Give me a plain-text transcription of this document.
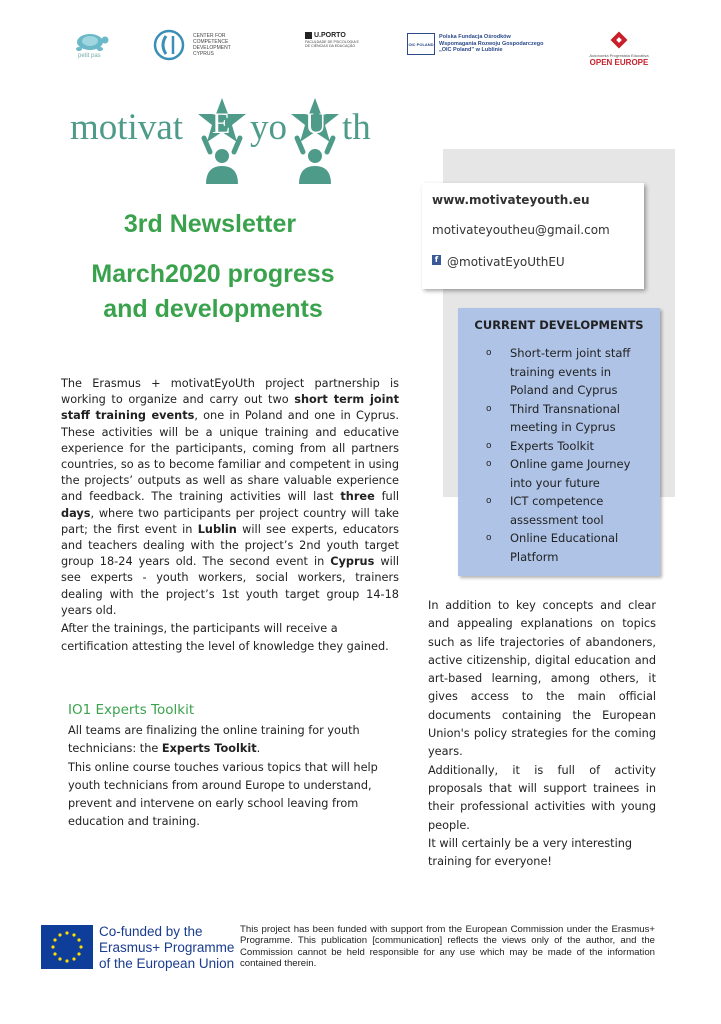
petit pas
CENTER FOR COMPETENCE DEVELOPMENT CYPRUS
U.PORTO
FACULDADE DE PSICOLOGIA E DE CIÊNCIAS DA EDUCAÇÃO	OIC POLAND
Polska Fundacja Ośrodków
Wspomagania Rozwoju Gospodarczego
„OIC Poland” w Lublinie
Autonomia Progresista Educativa
OPEN EUROPE
motivat E yo U th
3rd Newsletter
March2020 progress
and developments
www.motivateyouth.eu
motivateyoutheu@gmail.com
f @motivatEyoUthEU
CURRENT DEVELOPMENTS
o Short-term joint staff training events in Poland and Cyprus
o Third Transnational meeting in Cyprus
o Experts Toolkit
o Online game Journey into your future
o ICT competence assessment tool
o Online Educational Platform

The Erasmus + motivatEyoUth project partnership is working to organize and carry out two short term joint staff training events, one in Poland and one in Cyprus. These activities will be a unique training and educative experience for the participants, coming from all partners countries, so as to become familiar and competent in using the projects’ outputs as well as share valuable experience and feedback. The training activities will last three full days, where two participants per project country will take part; the first event in Lublin will see experts, educators and teachers dealing with the project’s 2nd youth target group 18-24 years old. The second event in Cyprus will see experts - youth workers, social workers, trainers dealing with the project’s 1st youth target group 14-18 years old.

After the trainings, the participants will receive a certification attesting the level of knowledge they gained.

IO1 Experts Toolkit

All teams are finalizing the online training for youth technicians: the Experts Toolkit.

This online course touches various topics that will help youth technicians from around Europe to understand, prevent and intervene on early school leaving from education and training.

In addition to key concepts and clear and appealing explanations on topics such as life trajectories of abandoners, active citizenship, digital education and art-based learning, among others, it gives access to the main official documents containing the European Union's policy strategies for the coming years.

Additionally, it is full of activity proposals that will support trainees in their professional activities with young people.

It will certainly be a very interesting training for everyone!

Co-funded by the
Erasmus+ Programme
of the European Union
This project has been funded with support from the European Commission under the Erasmus+ Programme. This publication [communication] reflects the views only of the author, and the Commission cannot be held responsible for any use which may be made of the information contained therein.
